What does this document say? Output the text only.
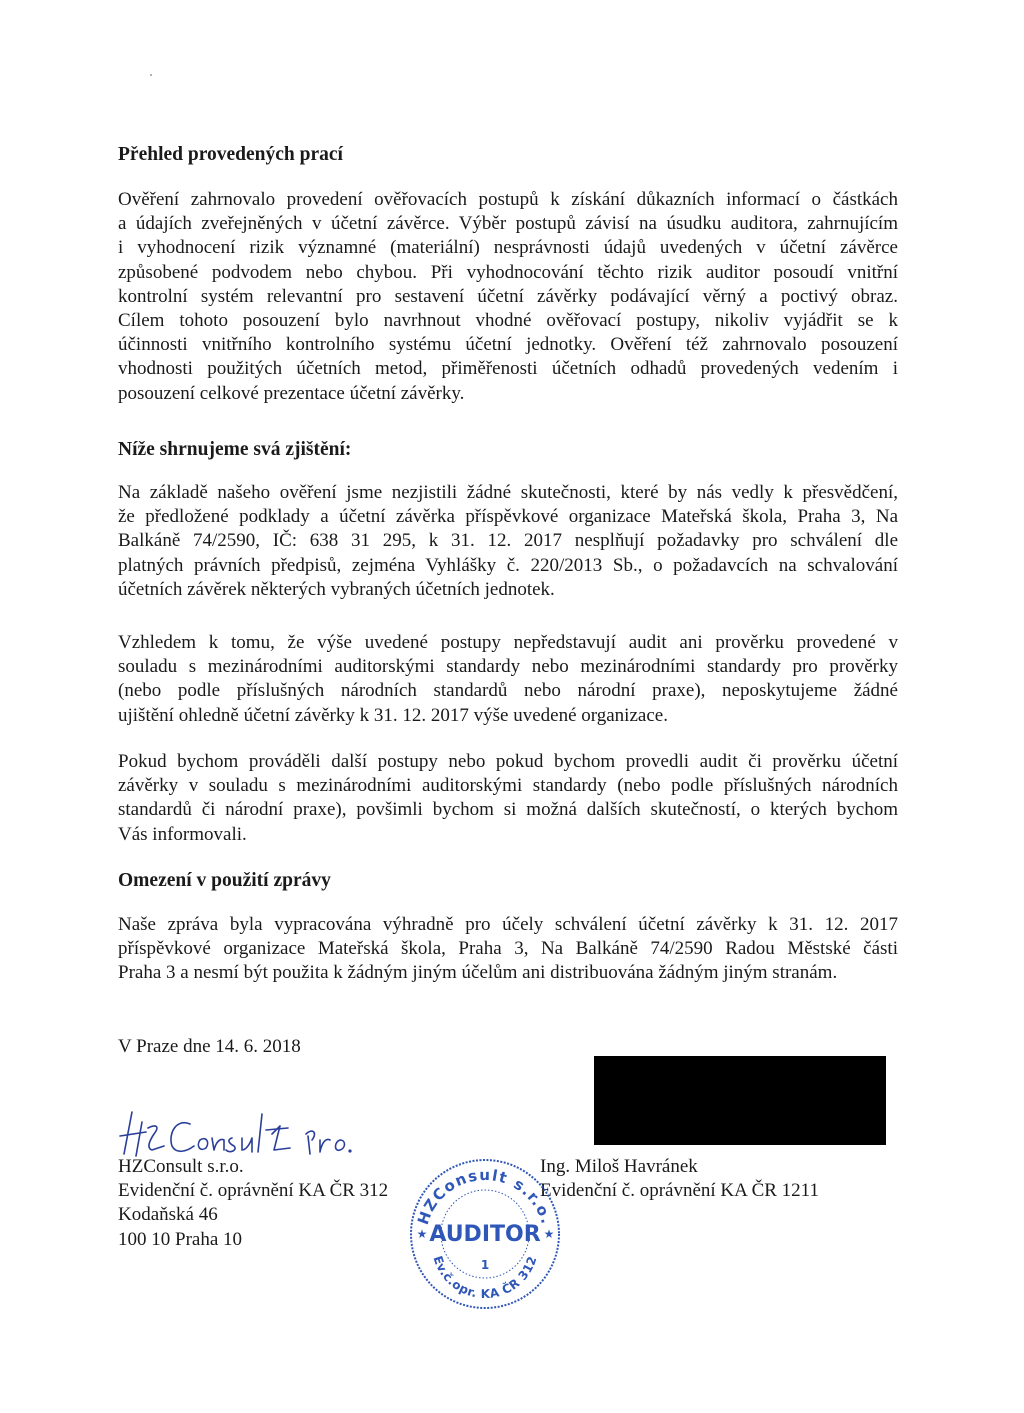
Přehled provedených prací
Ověření zahrnovalo provedení ověřovacích postupů k získání důkazních informací o částkách
a údajích zveřejněných v účetní závěrce. Výběr postupů závisí na úsudku auditora, zahrnujícím
i vyhodnocení rizik významné (materiální) nesprávnosti údajů uvedených v účetní závěrce
způsobené podvodem nebo chybou. Při vyhodnocování těchto rizik auditor posoudí vnitřní
kontrolní systém relevantní pro sestavení účetní závěrky podávající věrný a poctivý obraz.
Cílem tohoto posouzení bylo navrhnout vhodné ověřovací postupy, nikoliv vyjádřit se k
účinnosti vnitřního kontrolního systému účetní jednotky. Ověření též zahrnovalo posouzení
vhodnosti použitých účetních metod, přiměřenosti účetních odhadů provedených vedením i
posouzení celkové prezentace účetní závěrky.
Níže shrnujeme svá zjištění:
Na základě našeho ověření jsme nezjistili žádné skutečnosti, které by nás vedly k přesvědčení,
že předložené podklady a účetní závěrka příspěvkové organizace Mateřská škola, Praha 3, Na
Balkáně 74/2590, IČ: 638 31 295, k 31. 12. 2017 nesplňují požadavky pro schválení dle
platných právních předpisů, zejména Vyhlášky č. 220/2013 Sb., o požadavcích na schvalování
účetních závěrek některých vybraných účetních jednotek.
Vzhledem k tomu, že výše uvedené postupy nepředstavují audit ani prověrku provedené v
souladu s mezinárodními auditorskými standardy nebo mezinárodními standardy pro prověrky
(nebo podle příslušných národních standardů nebo národní praxe), neposkytujeme žádné
ujištění ohledně účetní závěrky k 31. 12. 2017 výše uvedené organizace.
Pokud bychom prováděli další postupy nebo pokud bychom provedli audit či prověrku účetní
závěrky v souladu s mezinárodními auditorskými standardy (nebo podle příslušných národních
standardů či národní praxe), povšimli bychom si možná dalších skutečností, o kterých bychom
Vás informovali.
Omezení v použití zprávy
Naše zpráva byla vypracována výhradně pro účely schválení účetní závěrky k 31. 12. 2017
příspěvkové organizace Mateřská škola, Praha 3, Na Balkáně 74/2590 Radou Městské části
Praha 3 a nesmí být použita k žádným jiným účelům ani distribuována žádným jiným stranám.
V Praze dne 14. 6. 2018
HZConsult s.r.o.
Evidenční č. oprávnění KA ČR 312
Kodaňská 46
100 10 Praha 10
Ing. Miloš Havránek
Evidenční č. oprávnění KA ČR 1211
HZConsult s.r.o.
AUDITOR
★	★
1
Ev.č.opr. KA ČR 312
